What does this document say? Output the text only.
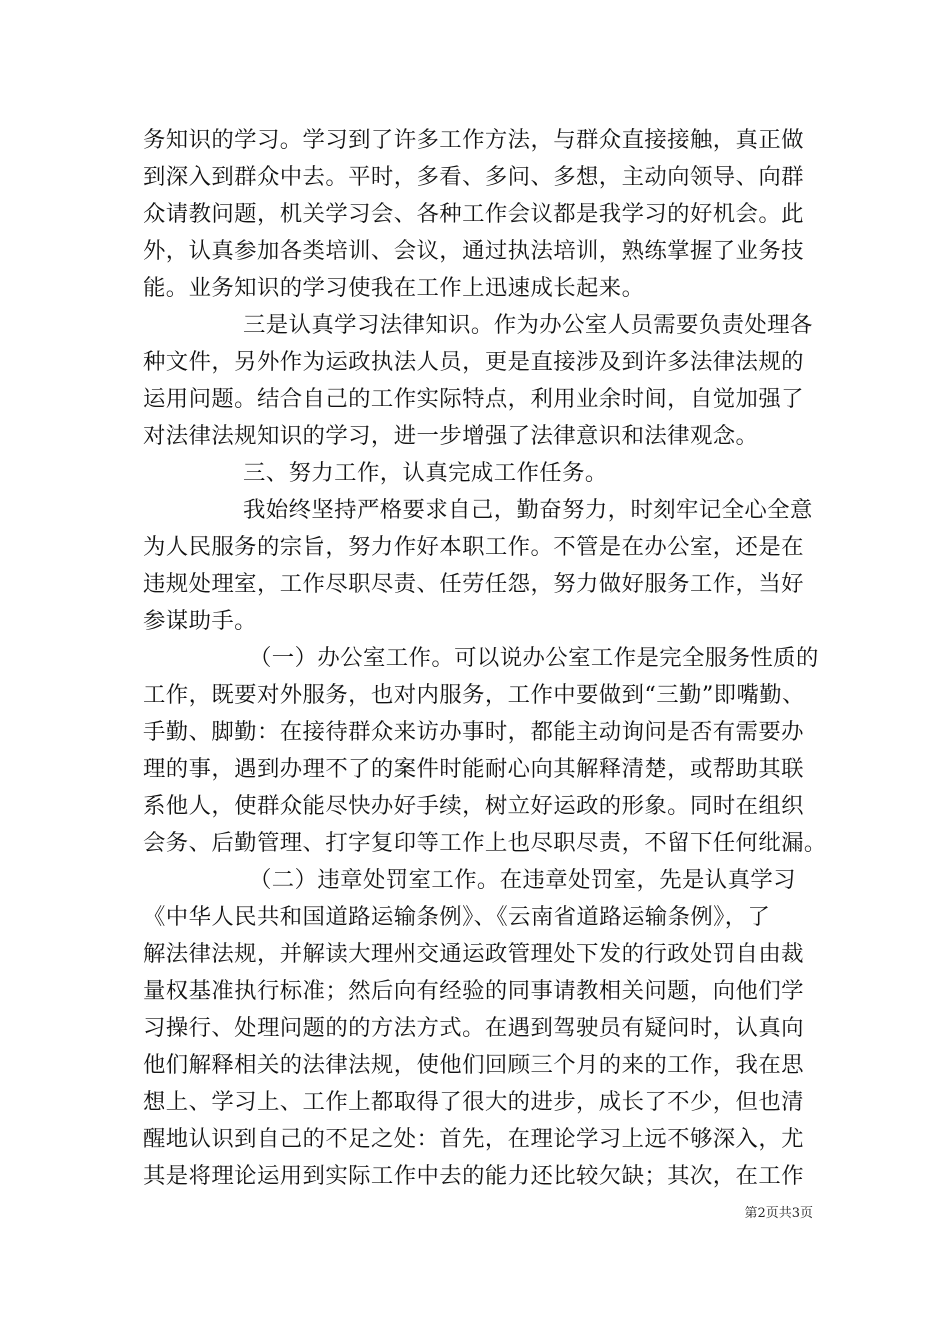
务知识的学习。学习到了许多工作方法，与群众直接接触，真正做
到深入到群众中去。平时，多看、多问、多想，主动向领导、向群
众请教问题，机关学习会、各种工作会议都是我学习的好机会。此
外，认真参加各类培训、会议，通过执法培训，熟练掌握了业务技
能。业务知识的学习使我在工作上迅速成长起来。
三是认真学习法律知识。作为办公室人员需要负责处理各
种文件，另外作为运政执法人员，更是直接涉及到许多法律法规的
运用问题。结合自己的工作实际特点，利用业余时间，自觉加强了
对法律法规知识的学习，进一步增强了法律意识和法律观念。
三、努力工作，认真完成工作任务。
我始终坚持严格要求自己，勤奋努力，时刻牢记全心全意
为人民服务的宗旨，努力作好本职工作。不管是在办公室，还是在
违规处理室，工作尽职尽责、任劳任怨，努力做好服务工作，当好
参谋助手。
（一）办公室工作。可以说办公室工作是完全服务性质的
工作，既要对外服务，也对内服务，工作中要做到“三勤”即嘴勤、
手勤、脚勤：在接待群众来访办事时，都能主动询问是否有需要办
理的事，遇到办理不了的案件时能耐心向其解释清楚，或帮助其联
系他人，使群众能尽快办好手续，树立好运政的形象。同时在组织
会务、后勤管理、打字复印等工作上也尽职尽责，不留下任何纰漏。
（二）违章处罚室工作。在违章处罚室，先是认真学习
《中华人民共和国道路运输条例》、《云南省道路运输条例》，了
解法律法规，并解读大理州交通运政管理处下发的行政处罚自由裁
量权基准执行标准；然后向有经验的同事请教相关问题，向他们学
习操行、处理问题的的方法方式。在遇到驾驶员有疑问时，认真向
他们解释相关的法律法规，使他们回顾三个月的来的工作，我在思
想上、学习上、工作上都取得了很大的进步，成长了不少，但也清
醒地认识到自己的不足之处：首先，在理论学习上远不够深入，尤
其是将理论运用到实际工作中去的能力还比较欠缺；其次，在工作
第2页共3页
